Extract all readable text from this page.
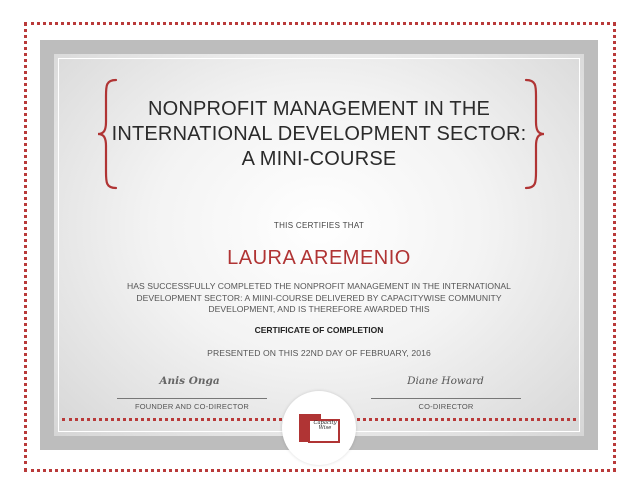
NONPROFIT MANAGEMENT IN THE
INTERNATIONAL DEVELOPMENT SECTOR:
A MINI-COURSE
THIS CERTIFIES THAT
LAURA AREMENIO
HAS SUCCESSFULLY COMPLETED THE NONPROFIT MANAGEMENT IN THE INTERNATIONAL
DEVELOPMENT SECTOR: A MIINI-COURSE DELIVERED BY CAPACITYWISE COMMUNITY
DEVELOPMENT, AND IS THEREFORE AWARDED THIS
CERTIFICATE OF COMPLETION
PRESENTED ON THIS 22ND DAY OF FEBRUARY, 2016
Anis Onga
FOUNDER AND CO-DIRECTOR
Diane Howard
CO-DIRECTOR
Capacity
Wise
